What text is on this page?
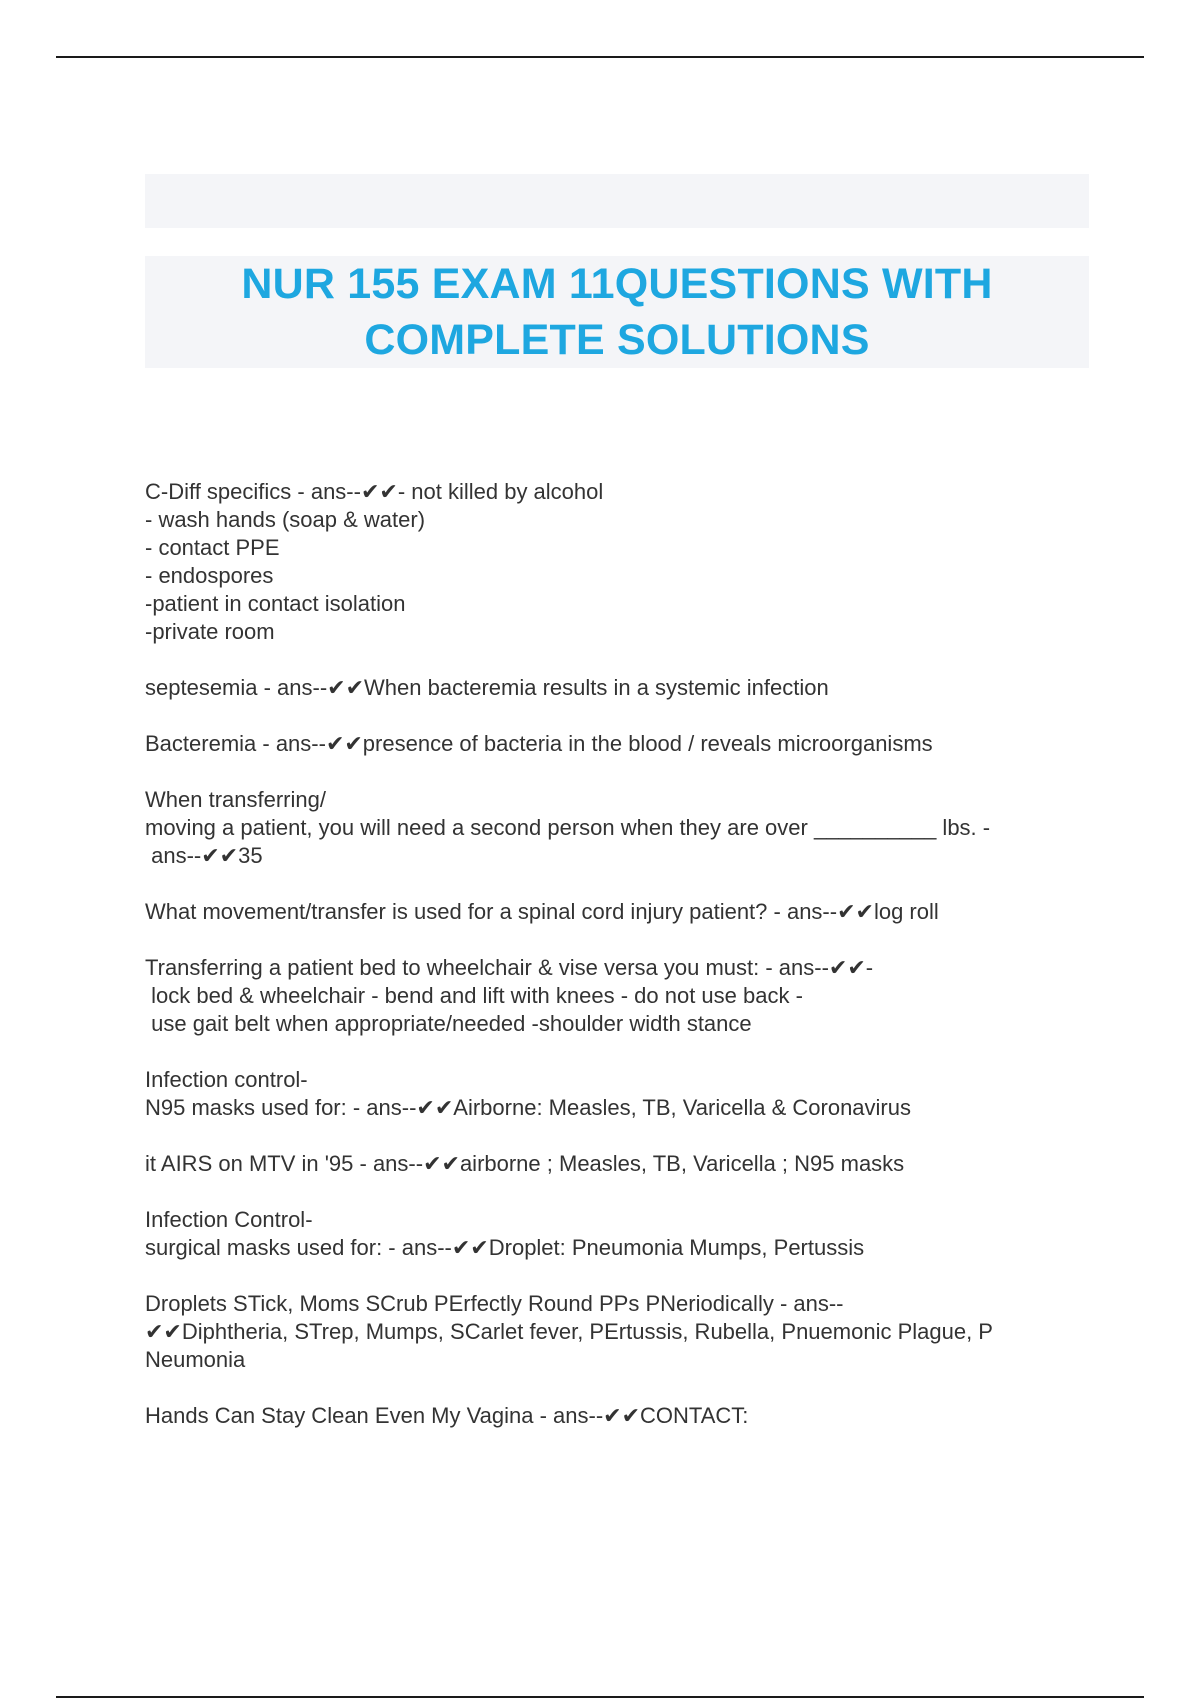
NUR 155 EXAM 11QUESTIONS WITH COMPLETE SOLUTIONS

C-Diff specifics - ans--✔✔- not killed by alcohol
- wash hands (soap & water)
- contact PPE
- endospores
-patient in contact isolation
-private room

septesemia - ans--✔✔When bacteremia results in a systemic infection

Bacteremia - ans--✔✔presence of bacteria in the blood / reveals microorganisms

When transferring/
moving a patient, you will need a second person when they are over __________ lbs. -
ans--✔✔35

What movement/transfer is used for a spinal cord injury patient? - ans--✔✔log roll

Transferring a patient bed to wheelchair & vise versa you must: - ans--✔✔-
lock bed & wheelchair - bend and lift with knees - do not use back -
use gait belt when appropriate/needed -shoulder width stance

Infection control-
N95 masks used for: - ans--✔✔Airborne: Measles, TB, Varicella & Coronavirus

it AIRS on MTV in '95 - ans--✔✔airborne ; Measles, TB, Varicella ; N95 masks

Infection Control-
surgical masks used for: - ans--✔✔Droplet: Pneumonia Mumps, Pertussis

Droplets STick, Moms SCrub PErfectly Round PPs PNeriodically - ans--
✔✔Diphtheria, STrep, Mumps, SCarlet fever, PErtussis, Rubella, Pnuemonic Plague, P
Neumonia

Hands Can Stay Clean Even My Vagina - ans--✔✔CONTACT:
